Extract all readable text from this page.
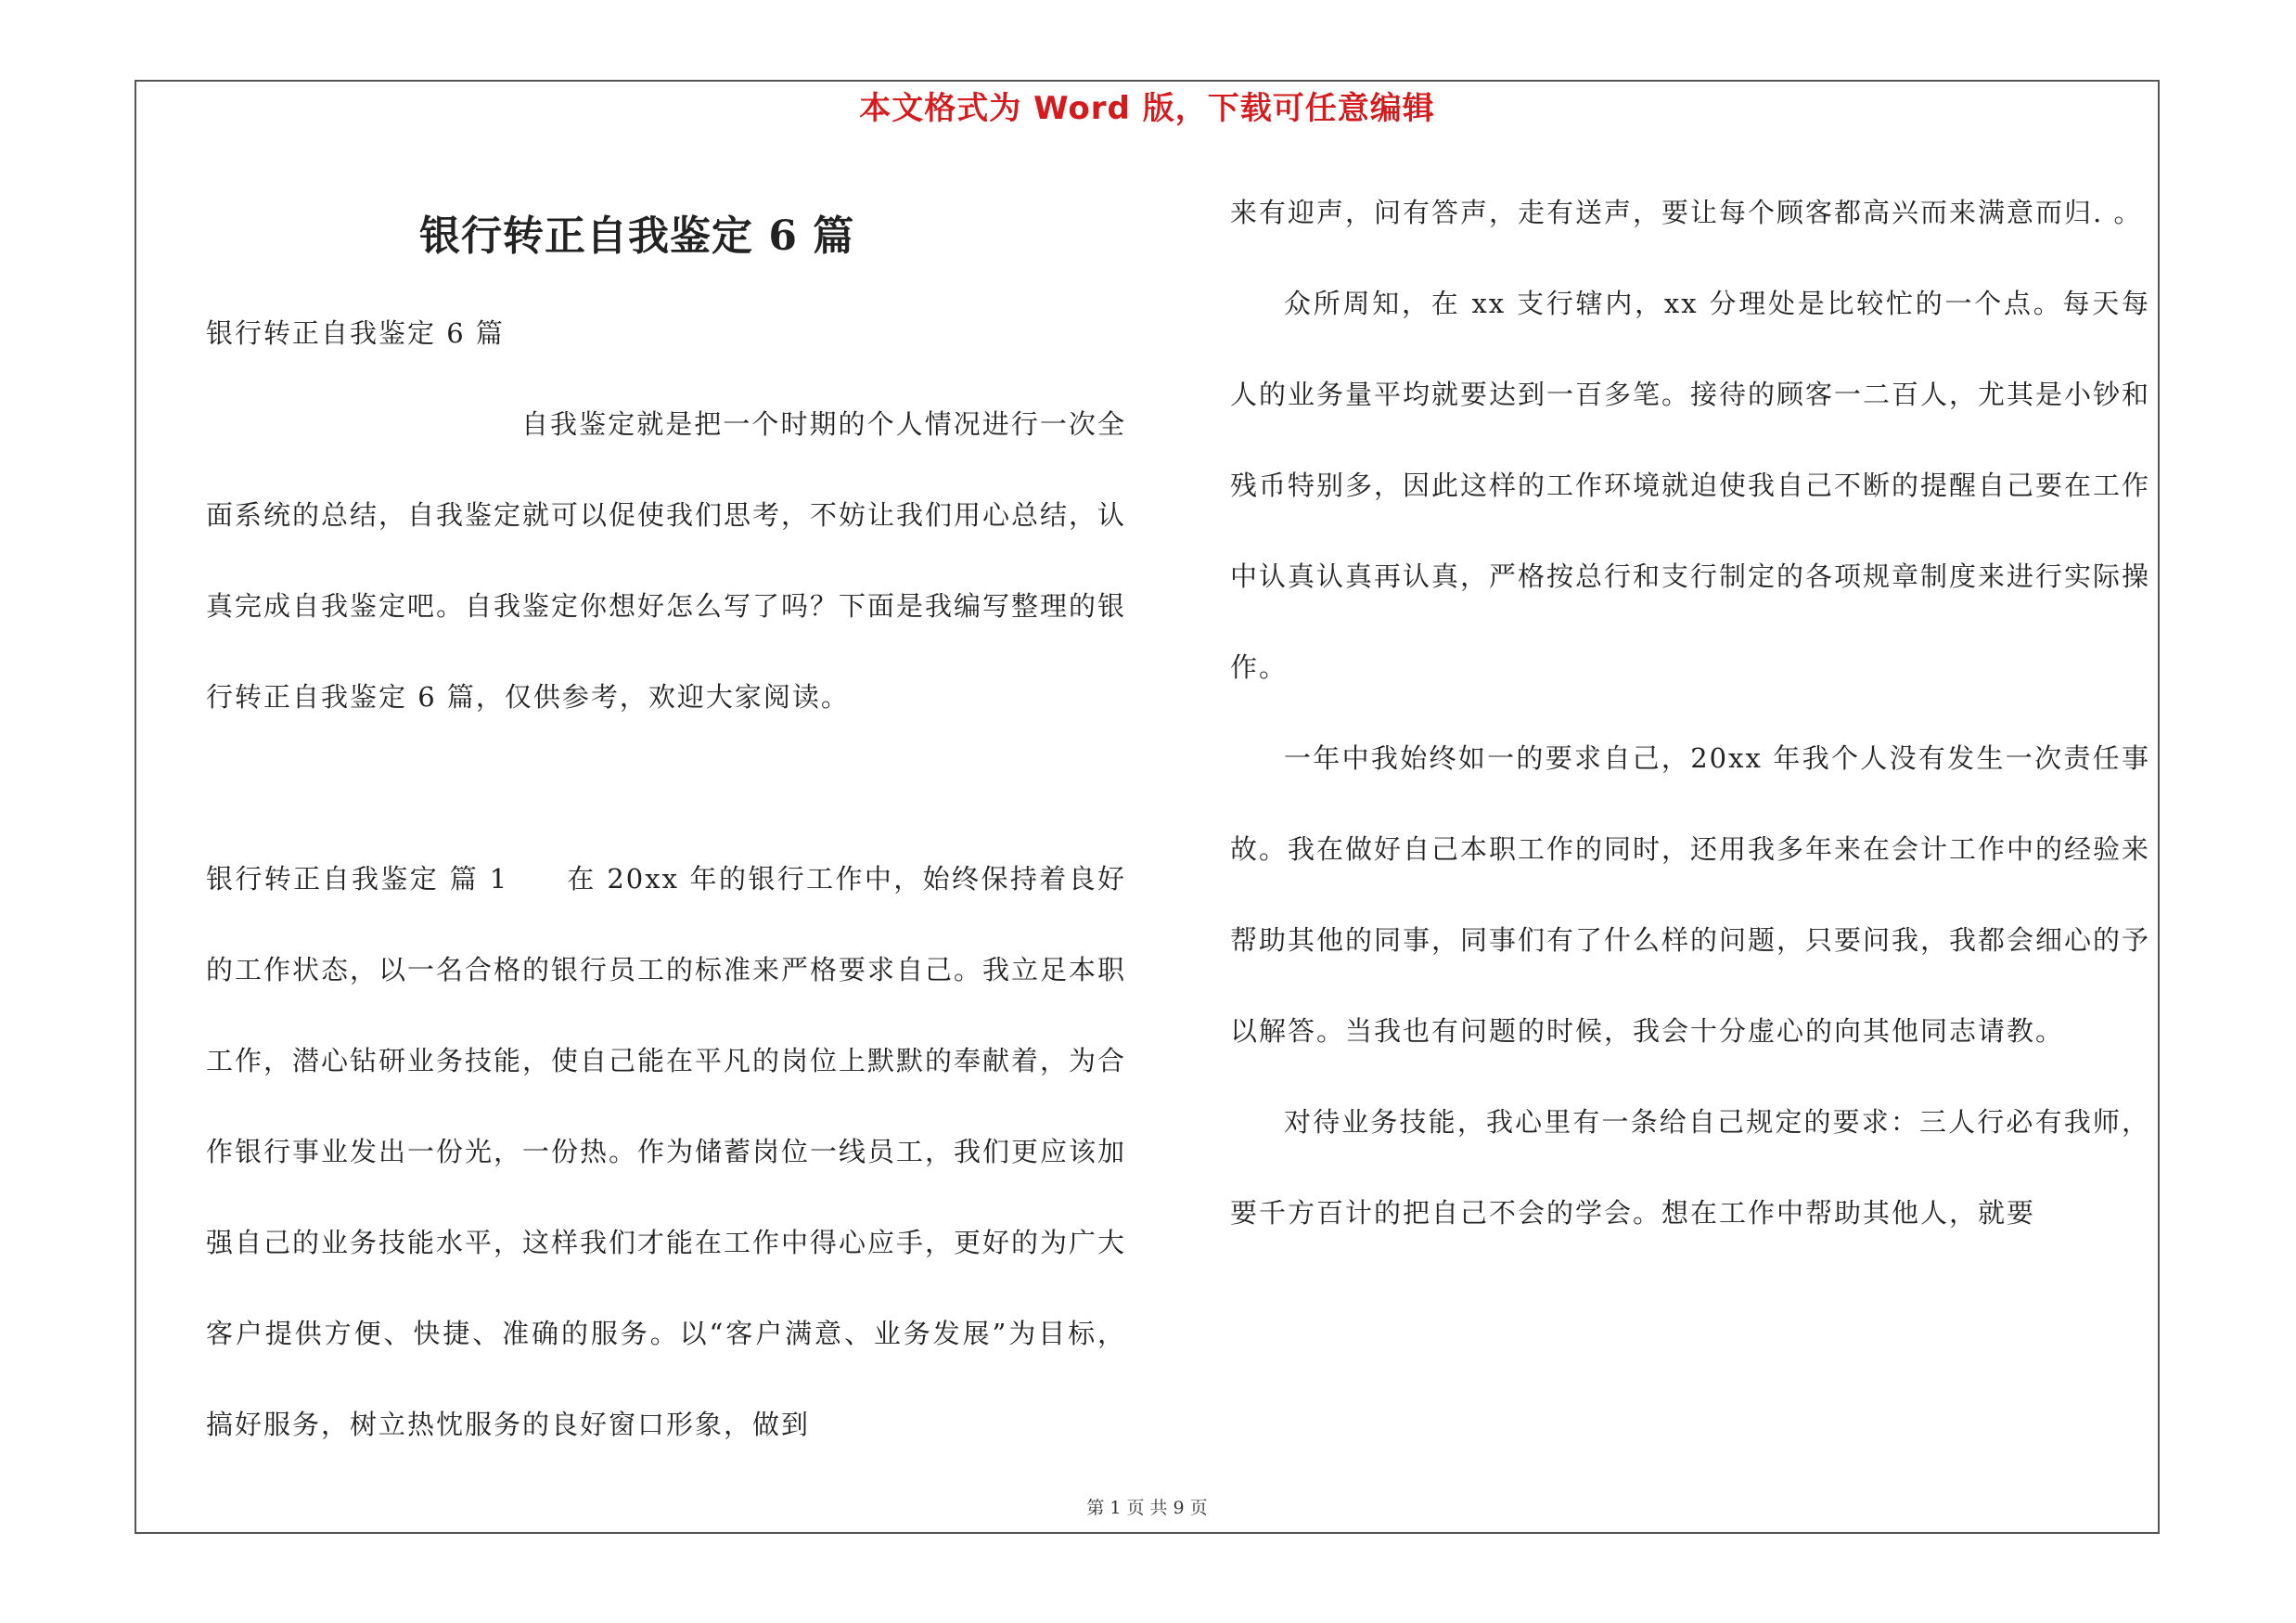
本文格式为 Word 版，下载可任意编辑

银行转正自我鉴定 6 篇

银行转正自我鉴定 6 篇

自我鉴定就是把一个时期的个人情况进行一次全面系统的总结，自我鉴定就可以促使我们思考，不妨让我们用心总结，认真完成自我鉴定吧。自我鉴定你想好怎么写了吗？下面是我编写整理的银行转正自我鉴定 6 篇，仅供参考，欢迎大家阅读。

银行转正自我鉴定 篇 1　　在 20xx 年的银行工作中，始终保持着良好的工作状态，以一名合格的银行员工的标准来严格要求自己。我立足本职工作，潜心钻研业务技能，使自己能在平凡的岗位上默默的奉献着，为合作银行事业发出一份光，一份热。作为储蓄岗位一线员工，我们更应该加强自己的业务技能水平，这样我们才能在工作中得心应手，更好的为广大客户提供方便、快捷、准确的服务。以“客户满意、业务发展”为目标，搞好服务，树立热忱服务的良好窗口形象，做到

来有迎声，问有答声，走有送声，要让每个顾客都高兴而来满意而归. 。

众所周知，在 xx 支行辖内，xx 分理处是比较忙的一个点。每天每人的业务量平均就要达到一百多笔。接待的顾客一二百人，尤其是小钞和残币特别多，因此这样的工作环境就迫使我自己不断的提醒自己要在工作中认真认真再认真，严格按总行和支行制定的各项规章制度来进行实际操作。

一年中我始终如一的要求自己，20xx 年我个人没有发生一次责任事故。我在做好自己本职工作的同时，还用我多年来在会计工作中的经验来帮助其他的同事，同事们有了什么样的问题，只要问我，我都会细心的予以解答。当我也有问题的时候，我会十分虚心的向其他同志请教。

对待业务技能，我心里有一条给自己规定的要求：三人行必有我师，要千方百计的把自己不会的学会。想在工作中帮助其他人，就要

第 1 页 共 9 页
